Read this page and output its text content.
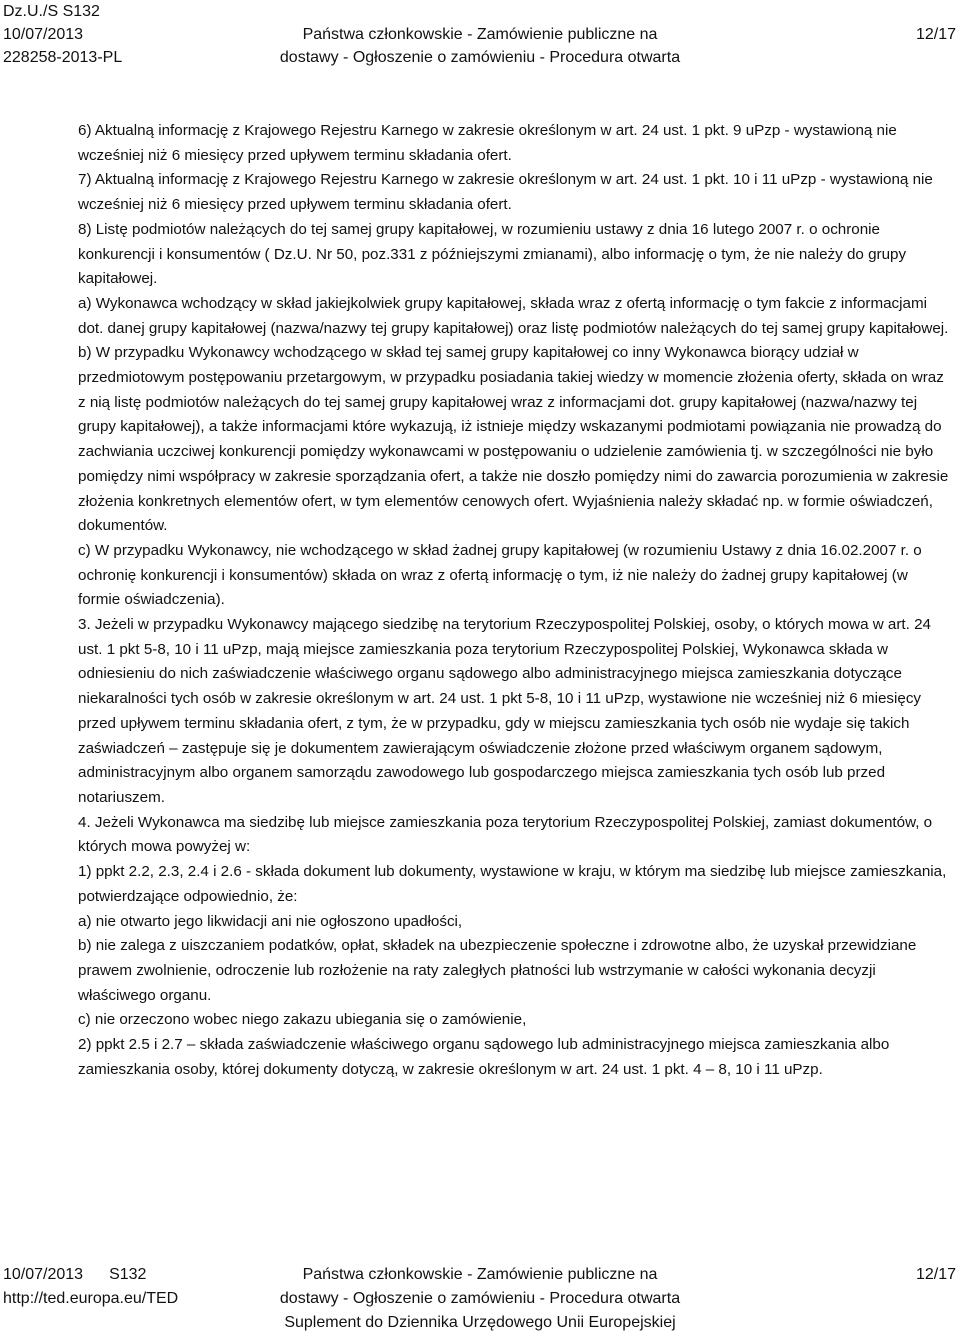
Dz.U./S S132
10/07/2013
228258-2013-PL
Państwa członkowskie - Zamówienie publiczne na
dostawy - Ogłoszenie o zamówieniu - Procedura otwarta
12/17

6) Aktualną informację z Krajowego Rejestru Karnego w zakresie określonym w art. 24 ust. 1 pkt. 9 uPzp - wystawioną nie wcześniej niż 6 miesięcy przed upływem terminu składania ofert.

7) Aktualną informację z Krajowego Rejestru Karnego w zakresie określonym w art. 24 ust. 1 pkt. 10 i 11 uPzp - wystawioną nie wcześniej niż 6 miesięcy przed upływem terminu składania ofert.

8) Listę podmiotów należących do tej samej grupy kapitałowej, w rozumieniu ustawy z dnia 16 lutego 2007 r. o ochronie konkurencji i konsumentów ( Dz.U. Nr 50, poz.331 z późniejszymi zmianami), albo informację o tym, że nie należy do grupy kapitałowej.

a) Wykonawca wchodzący w skład jakiejkolwiek grupy kapitałowej, składa wraz z ofertą informację o tym fakcie z informacjami dot. danej grupy kapitałowej (nazwa/nazwy tej grupy kapitałowej) oraz listę podmiotów należących do tej samej grupy kapitałowej.

b) W przypadku Wykonawcy wchodzącego w skład tej samej grupy kapitałowej co inny Wykonawca biorący udział w przedmiotowym postępowaniu przetargowym, w przypadku posiadania takiej wiedzy w momencie złożenia oferty, składa on wraz z nią listę podmiotów należących do tej samej grupy kapitałowej wraz z informacjami dot. grupy kapitałowej (nazwa/nazwy tej grupy kapitałowej), a także informacjami które wykazują, iż istnieje między wskazanymi podmiotami powiązania nie prowadzą do zachwiania uczciwej konkurencji pomiędzy wykonawcami w postępowaniu o udzielenie zamówienia tj. w szczególności nie było pomiędzy nimi współpracy w zakresie sporządzania ofert, a także nie doszło pomiędzy nimi do zawarcia porozumienia w zakresie złożenia konkretnych elementów ofert, w tym elementów cenowych ofert. Wyjaśnienia należy składać np. w formie oświadczeń, dokumentów.

c) W przypadku Wykonawcy, nie wchodzącego w skład żadnej grupy kapitałowej (w rozumieniu Ustawy z dnia 16.02.2007 r. o ochronię konkurencji i konsumentów) składa on wraz z ofertą informację o tym, iż nie należy do żadnej grupy kapitałowej (w formie oświadczenia).

3. Jeżeli w przypadku Wykonawcy mającego siedzibę na terytorium Rzeczypospolitej Polskiej, osoby, o których mowa w art. 24 ust. 1 pkt 5-8, 10 i 11 uPzp, mają miejsce zamieszkania poza terytorium Rzeczypospolitej Polskiej, Wykonawca składa w odniesieniu do nich zaświadczenie właściwego organu sądowego albo administracyjnego miejsca zamieszkania dotyczące niekaralności tych osób w zakresie określonym w art. 24 ust. 1 pkt 5-8, 10 i 11 uPzp, wystawione nie wcześniej niż 6 miesięcy przed upływem terminu składania ofert, z tym, że w przypadku, gdy w miejscu zamieszkania tych osób nie wydaje się takich zaświadczeń – zastępuje się je dokumentem zawierającym oświadczenie złożone przed właściwym organem sądowym, administracyjnym albo organem samorządu zawodowego lub gospodarczego miejsca zamieszkania tych osób lub przed notariuszem.

4. Jeżeli Wykonawca ma siedzibę lub miejsce zamieszkania poza terytorium Rzeczypospolitej Polskiej, zamiast dokumentów, o których mowa powyżej w:

1) ppkt 2.2, 2.3, 2.4 i 2.6 - składa dokument lub dokumenty, wystawione w kraju, w którym ma siedzibę lub miejsce zamieszkania, potwierdzające odpowiednio, że:

a) nie otwarto jego likwidacji ani nie ogłoszono upadłości,

b) nie zalega z uiszczaniem podatków, opłat, składek na ubezpieczenie społeczne i zdrowotne albo, że uzyskał przewidziane prawem zwolnienie, odroczenie lub rozłożenie na raty zaległych płatności lub wstrzymanie w całości wykonania decyzji właściwego organu.

c) nie orzeczono wobec niego zakazu ubiegania się o zamówienie,

2) ppkt 2.5 i 2.7 – składa zaświadczenie właściwego organu sądowego lub administracyjnego miejsca zamieszkania albo zamieszkania osoby, której dokumenty dotyczą, w zakresie określonym w art. 24 ust. 1 pkt. 4 – 8, 10 i 11 uPzp.

10/07/2013 S132
http://ted.europa.eu/TED
Państwa członkowskie - Zamówienie publiczne na
dostawy - Ogłoszenie o zamówieniu - Procedura otwarta
Suplement do Dziennika Urzędowego Unii Europejskiej
12/17
